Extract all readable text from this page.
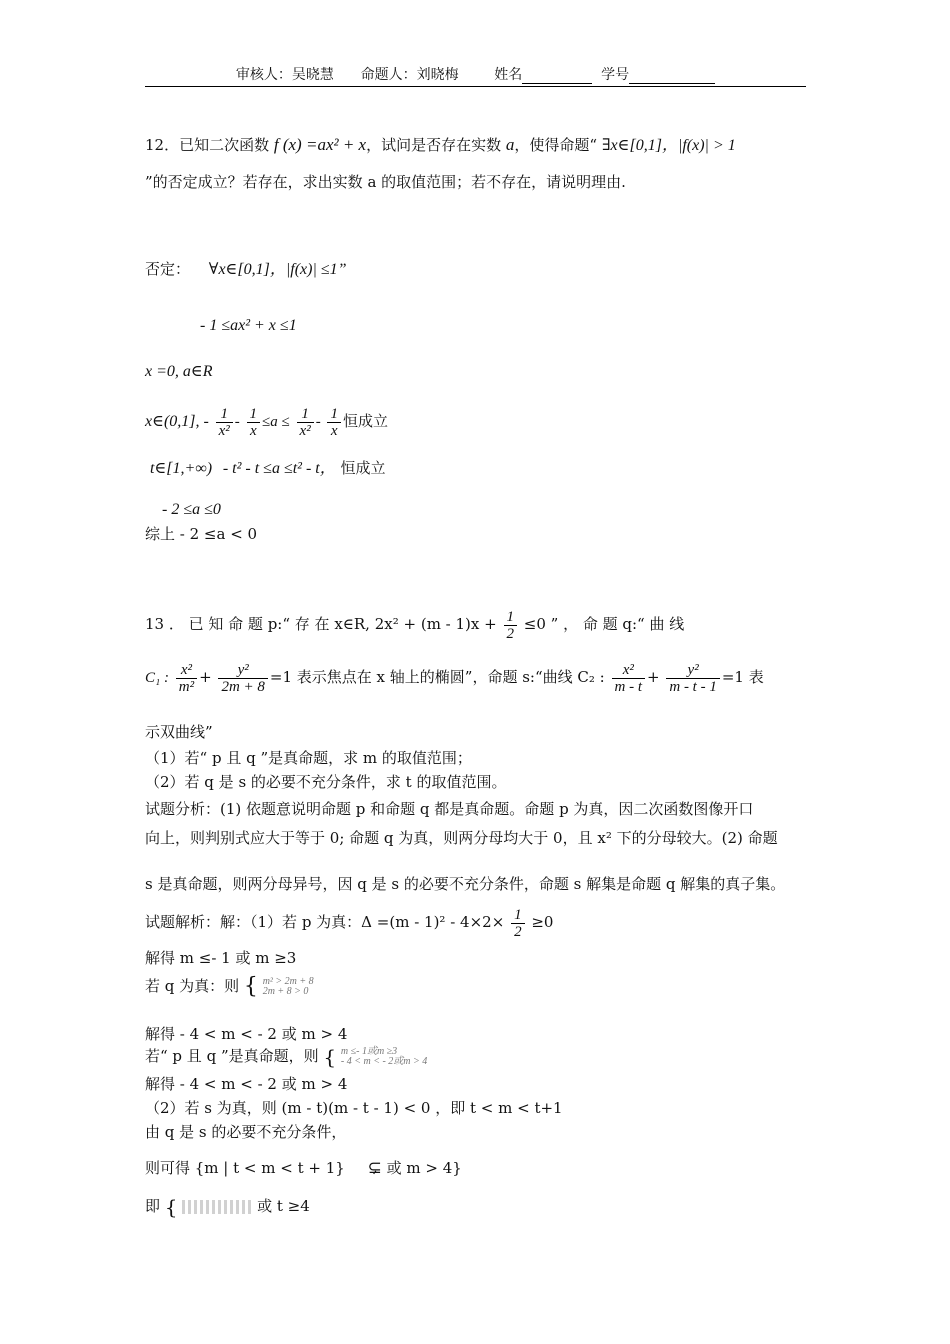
审核人：吴晓慧 命题人：刘晓梅	姓名	学号
12．已知二次函数 f (x) =ax² + x，试问是否存在实数 a，使得命题“ ∃x∈[0,1]，|f(x)| > 1
”的否定成立？若存在，求出实数 a 的取值范围；若不存在，请说明理由.
否定： ∀x∈[0,1]，|f(x)| ≤1”
- 1 ≤ax² + x ≤1
x =0, a∈R
x∈(0,1], - $\frac{1}{\text{x²}} - \frac{1}{x} \le a \le \frac{1}{\text{x²}} - \frac{1}{x}$ 恒成立
t∈[1,+∞) - t² - t ≤a ≤t² - t， 恒成立
- 2 ≤a ≤0
综上 - 2 ≤a < 0
13 ． 已 知 命 题 p:“ 存 在 x∈R, $2x^2 + (m - 1)x + \frac{1}{2} \le 0$ ” ， 命 题 q:“ 曲 线
C₁ : $\frac{\text{x²}}{\text{m²}} + \frac{\text{y²}}{2m + 8} =1$ 表示焦点在 x 轴上的椭圆”，命题 s:“曲线 C₂ : $\frac{\text{x²}}{m - t} + \frac{\text{y²}}{m - t - 1} =1$ 表
示双曲线”
（1）若“ p 且 q ”是真命题，求 m 的取值范围；
（2）若 q 是 s 的必要不充分条件，求 t 的取值范围。
试题分析：(1) 依题意说明命题 p 和命题 q 都是真命题。命题 p 为真，因二次函数图像开口
向上，则判别式应大于等于 0; 命题 q 为真，则两分母均大于 0，且 x² 下的分母较大。(2) 命题
s 是真命题，则两分母异号，因 q 是 s 的必要不充分条件，命题 s 解集是命题 q 解集的真子集。
试题解析：解：（1）若 p 为真：$\Delta =(m - 1)^2 - 4\times 2\times \frac{1}{2} \ge 0$
解得 m ≤- 1 或 m ≥3
若 q 为真：则 { m² > 2m + 8
2m + 8 > 0
解得 - 4 < m < - 2 或 m > 4
若“ p 且 q ”是真命题，则 { m ≤- 1或m ≥3
- 4 < m < - 2或m > 4
解得 - 4 < m < - 2 或 m > 4
（2）若 s 为真，则 (m - t)(m - t - 1) < 0 ，即 t < m < t+1
由 q 是 s 的必要不充分条件，
则可得 {m | t < m < t + 1} ⊊ 或 m > 4}
即 {	或 t ≥4
